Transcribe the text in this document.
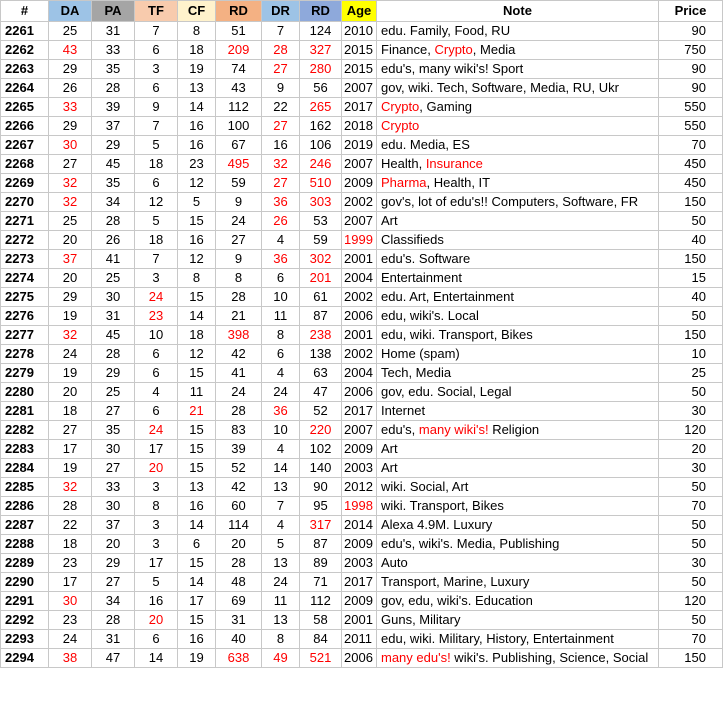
#	DA	PA	TF	CF	RD	DR	RD	Age	Note	Price
2261	25	31	7	8	51	7	124	2010	edu. Family, Food, RU	90
2262	43	33	6	18	209	28	327	2015	Finance, Crypto, Media	750
2263	29	35	3	19	74	27	280	2015	edu's, many wiki's! Sport	90
2264	26	28	6	13	43	9	56	2007	gov, wiki. Tech, Software, Media, RU, Ukr	90
2265	33	39	9	14	112	22	265	2017	Crypto, Gaming	550
2266	29	37	7	16	100	27	162	2018	Crypto	550
2267	30	29	5	16	67	16	106	2019	edu. Media, ES	70
2268	27	45	18	23	495	32	246	2007	Health, Insurance	450
2269	32	35	6	12	59	27	510	2009	Pharma, Health, IT	450
2270	32	34	12	5	9	36	303	2002	gov's, lot of edu's!! Computers, Software, FR	150
2271	25	28	5	15	24	26	53	2007	Art	50
2272	20	26	18	16	27	4	59	1999	Classifieds	40
2273	37	41	7	12	9	36	302	2001	edu's. Software	150
2274	20	25	3	8	8	6	201	2004	Entertainment	15
2275	29	30	24	15	28	10	61	2002	edu. Art, Entertainment	40
2276	19	31	23	14	21	11	87	2006	edu, wiki's. Local	50
2277	32	45	10	18	398	8	238	2001	edu, wiki. Transport, Bikes	150
2278	24	28	6	12	42	6	138	2002	Home (spam)	10
2279	19	29	6	15	41	4	63	2004	Tech, Media	25
2280	20	25	4	11	24	24	47	2006	gov, edu. Social, Legal	50
2281	18	27	6	21	28	36	52	2017	Internet	30
2282	27	35	24	15	83	10	220	2007	edu's, many wiki's! Religion	120
2283	17	30	17	15	39	4	102	2009	Art	20
2284	19	27	20	15	52	14	140	2003	Art	30
2285	32	33	3	13	42	13	90	2012	wiki. Social, Art	50
2286	28	30	8	16	60	7	95	1998	wiki. Transport, Bikes	70
2287	22	37	3	14	114	4	317	2014	Alexa 4.9M. Luxury	50
2288	18	20	3	6	20	5	87	2009	edu's, wiki's. Media, Publishing	50
2289	23	29	17	15	28	13	89	2003	Auto	30
2290	17	27	5	14	48	24	71	2017	Transport, Marine, Luxury	50
2291	30	34	16	17	69	11	112	2009	gov, edu, wiki's. Education	120
2292	23	28	20	15	31	13	58	2001	Guns, Military	50
2293	24	31	6	16	40	8	84	2011	edu, wiki. Military, History, Entertainment	70
2294	38	47	14	19	638	49	521	2006	many edu's! wiki's. Publishing, Science, Social	150
